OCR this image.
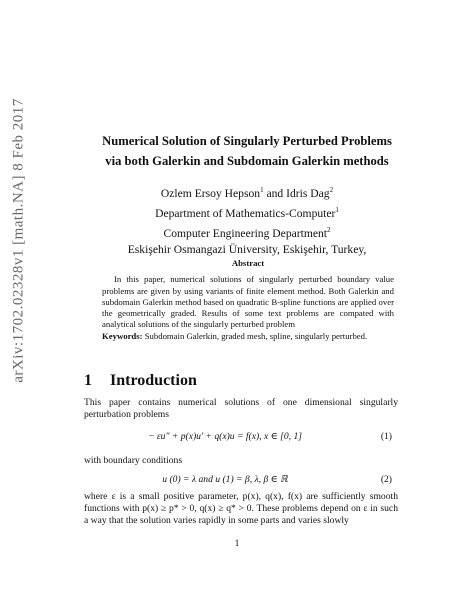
arXiv:1702.02328v1 [math.NA] 8 Feb 2017	Numerical Solution of Singularly Perturbed Problems
via both Galerkin and Subdomain Galerkin methods
Ozlem Ersoy Hepson$^1$ and Idris Dag$^2$
Department of Mathematics-Computer$^1$
Computer Engineering Department$^2$
Eskişehir Osmangazi Üniversity, Eskişehir, Turkey,
Abstract
In this paper, numerical solutions of singularly perturbed boundary value problems are given by using variants of finite element method. Both Galerkin and subdomain Galerkin method based on quadratic B-spline functions are applied over the geometrically graded. Results of some text problems are compated with analytical solutions of the singularly perturbed problem
Keywords: Subdomain Galerkin, graded mesh, spline, singularly perturbed.
1 Introduction
This paper contains numerical solutions of one dimensional singularly perturbation problems
− εu″ + p(x)u′ + q(x)u = f(x), x ∈ [0, 1]	(1)
with boundary conditions
u (0) = λ and u (1) = β, λ, β ∈ ℝ	(2)
where ε is a small positive parameter, p(x), q(x), f(x) are sufficiently smooth functions with p(x) ≥ p* > 0, q(x) ≥ q* > 0. These problems depend on ε in such a way that the solution varies rapidly in some parts and varies slowly
1
